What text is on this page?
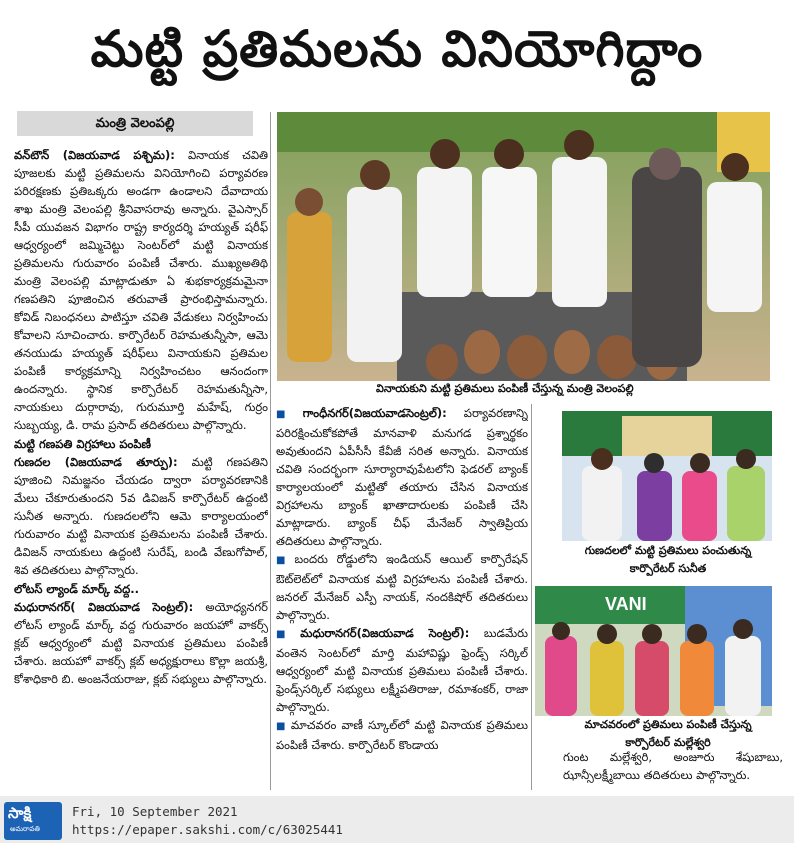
మట్టి ప్రతిమలను వినియోగిద్దాం
మంత్రి వెలంపల్లి

వన్‌టౌన్ (విజయవాడ పశ్చిమ): వినాయక చవితి పూజలకు మట్టి ప్రతిమలను వినియోగించి పర్యావరణ పరిరక్షణకు ప్రతిఒక్కరు అండగా ఉండాలని దేవాదాయ శాఖ మంత్రి వెలంపల్లి శ్రీనివాసరావు అన్నారు. వైఎస్సార్ సీపీ యువజన విభాగం రాష్ట్ర కార్యదర్శి హయ్యత్ షరీఫ్ ఆధ్వర్యంలో జమ్మిచెట్టు సెంటర్‌లో మట్టి వినాయక ప్రతిమలను గురువారం పంపిణీ చేశారు. ముఖ్యఅతిథి మంత్రి వెలంపల్లి మాట్లాడుతూ ఏ శుభకార్యక్రమమైనా గణపతిని పూజించిన తరువాతే ప్రారంభిస్తామన్నారు. కోవిడ్ నిబంధనలు పాటిస్తూ చవితి వేడుకలు నిర్వహించు కోవాలని సూచించారు. కార్పొరేటర్ రెహమతున్నీసా, ఆమె తనయుడు హయ్యత్ షరీఫ్‌లు వినాయకుని ప్రతిమల పంపిణీ కార్యక్రమాన్ని నిర్వహించటం ఆనందంగా ఉందన్నారు. స్థానిక కార్పొరేటర్ రెహమతున్నీసా, నాయకులు దుర్గారావు, గురుమూర్తి మహేష్, గుర్రం సుబ్బయ్య, డి. రామ ప్రసాద్ తదితరులు పాల్గొన్నారు.

మట్టి గణపతి విగ్రహాలు పంపిణీ

గుణదల (విజయవాడ తూర్పు): మట్టి గణపతిని పూజించి నిమజ్జనం చేయడం ద్వారా పర్యావరణానికి మేలు చేకూరుతుందని 5వ డివిజన్ కార్పొరేటర్ ఉద్దంటి సునీత అన్నారు. గుణదలలోని ఆమె కార్యాలయంలో గురువారం మట్టి వినాయక ప్రతిమలను పంపిణీ చేశారు. డివిజన్ నాయకులు ఉద్దంటి సురేష్, బండి వేణుగోపాల్, శివ తదితరులు పాల్గొన్నారు.

లోటస్ ల్యాండ్ మార్క్ వద్ద..

మధురానగర్( విజయవాడ సెంట్రల్): అయోధ్యనగర్ లోటస్ ల్యాండ్ మార్క్ వద్ద గురువారం జయహో వాకర్స్ క్లబ్ ఆధ్వర్యంలో మట్టి వినాయక ప్రతిమలు పంపిణీ చేశారు. జయహో వాకర్స్ క్లబ్ అధ్యక్షురాలు కొల్లా జయశ్రీ, కోశాధికారి బి. అంజనేయరాజు, క్లబ్ సభ్యులు పాల్గొన్నారు.

వినాయకుని మట్టి ప్రతిమలు పంపిణీ చేస్తున్న మంత్రి వెలంపల్లి

■ గాంధీనగర్(విజయవాడసెంట్రల్): పర్యావరణాన్ని పరిరక్షించుకోకపోతే మానవాళి మనుగడ ప్రశ్నార్థకం అవుతుందని ఏపీసీసీ కేవీజీ సరిత అన్నారు. వినాయక చవితి సందర్భంగా సూర్యారావుపేటలోని ఫెడరల్ బ్యాంక్ కార్యాలయంలో మట్టితో తయారు చేసిన వినాయక విగ్రహాలను బ్యాంక్ ఖాతాదారులకు పంపిణీ చేసి మాట్లాడారు. బ్యాంక్ చీఫ్ మేనేజర్ స్వాతిప్రియ తదితరులు పాల్గొన్నారు.

■ బందరు రోడ్డులోని ఇండియన్ ఆయిల్ కార్పొరేషన్ ఔట్‌లెట్‌లో వినాయక మట్టి విగ్రహాలను పంపిణీ చేశారు. జనరల్ మేనేజర్ ఎస్పీ నాయక్, నందకిషోర్ తదితరులు పాల్గొన్నారు.

■ మధురానగర్(విజయవాడ సెంట్రల్): బుడమేరు వంతెన సెంటర్‌లో మార్తి మహావిష్ణు ఫ్రెండ్స్ సర్కిల్ ఆధ్వర్యంలో మట్టి వినాయక ప్రతిమలు పంపిణీ చేశారు. ఫ్రెండ్స్‌సర్కిల్ సభ్యులు లక్ష్మీపతిరాజు, రమాశంకర్, రాజా పాల్గొన్నారు.

■ మాచవరం వాణీ స్కూల్‌లో మట్టి వినాయక ప్రతిమలు పంపిణీ చేశారు. కార్పొరేటర్ కొండాయ

గుణదలలో మట్టి ప్రతిమలు పంచుతున్న
కార్పొరేటర్ సునీత
VANI
మాచవరంలో ప్రతిమలు పంపిణీ చేస్తున్న
కార్పొరేటర్ మల్లేశ్వరి

గుంట మల్లేశ్వరి, అంజూరు శేషుబాబు, ఝాన్సీలక్ష్మీబాయి తదితరులు పాల్గొన్నారు.

సాక్షి
అమరావతి
Fri, 10 September 2021
https://epaper.sakshi.com/c/63025441
